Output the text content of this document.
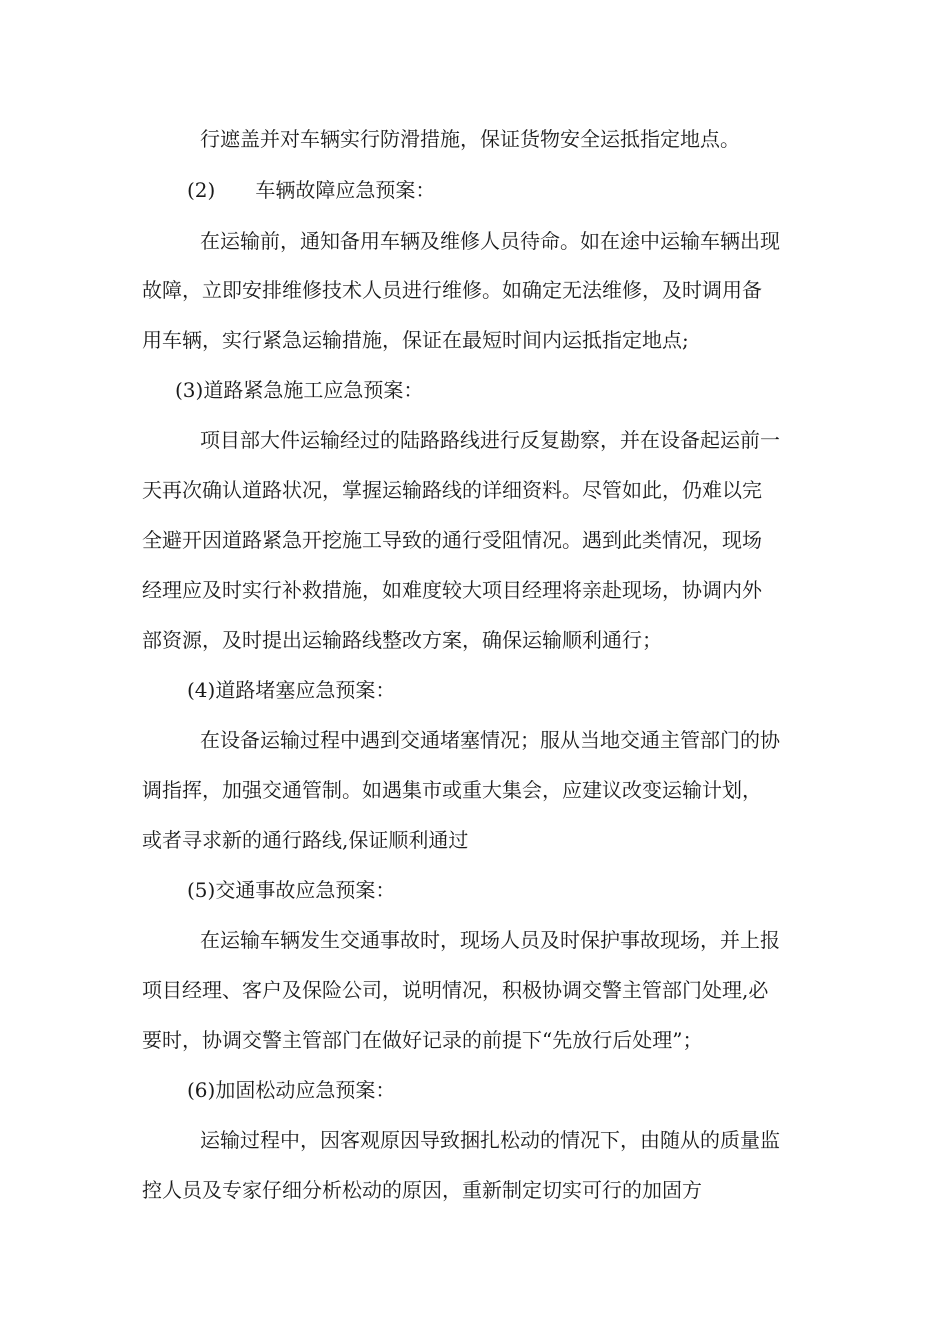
行遮盖并对车辆实行防滑措施，保证货物安全运抵指定地点。
(2) 车辆故障应急预案：
在运输前，通知备用车辆及维修人员待命。如在途中运输车辆出现
故障，立即安排维修技术人员进行维修。如确定无法维修，及时调用备
用车辆，实行紧急运输措施，保证在最短时间内运抵指定地点;
(3)道路紧急施工应急预案：
项目部大件运输经过的陆路路线进行反复勘察，并在设备起运前一
天再次确认道路状况，掌握运输路线的详细资料。尽管如此，仍难以完
全避开因道路紧急开挖施工导致的通行受阻情况。遇到此类情况，现场
经理应及时实行补救措施，如难度较大项目经理将亲赴现场，协调内外
部资源，及时提出运输路线整改方案，确保运输顺利通行；
(4)道路堵塞应急预案：
在设备运输过程中遇到交通堵塞情况；服从当地交通主管部门的协
调指挥，加强交通管制。如遇集市或重大集会，应建议改变运输计划，
或者寻求新的通行路线,保证顺利通过
(5)交通事故应急预案：
在运输车辆发生交通事故时，现场人员及时保护事故现场，并上报
项目经理、客户及保险公司，说明情况，积极协调交警主管部门处理,必
要时，协调交警主管部门在做好记录的前提下“先放行后处理”；
(6)加固松动应急预案：
运输过程中，因客观原因导致捆扎松动的情况下，由随从的质量监
控人员及专家仔细分析松动的原因，重新制定切实可行的加固方
